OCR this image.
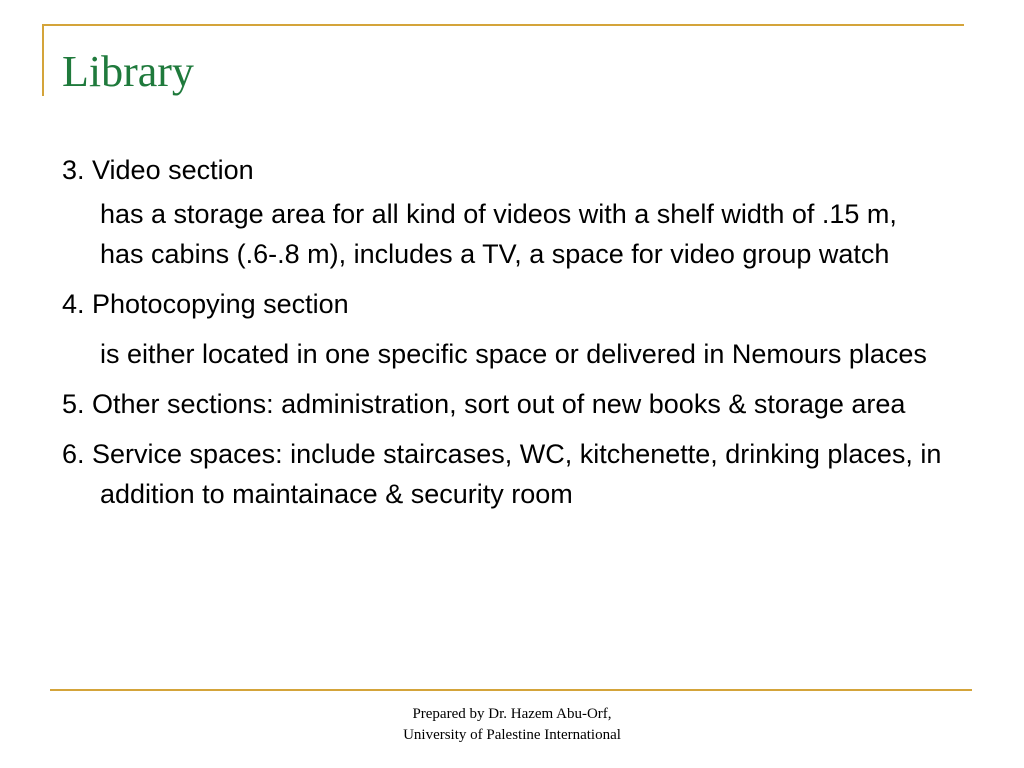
Library

3. Video section

has a storage area for all kind of videos with a shelf width of .15 m, has cabins (.6-.8 m), includes a TV, a space for video group watch

4. Photocopying section

is either located in one specific space or delivered in Nemours places

5. Other sections: administration, sort out of new books & storage area

6. Service spaces: include staircases, WC, kitchenette, drinking places, in addition to maintainace & security room

Prepared by Dr. Hazem Abu-Orf,
University of Palestine International
